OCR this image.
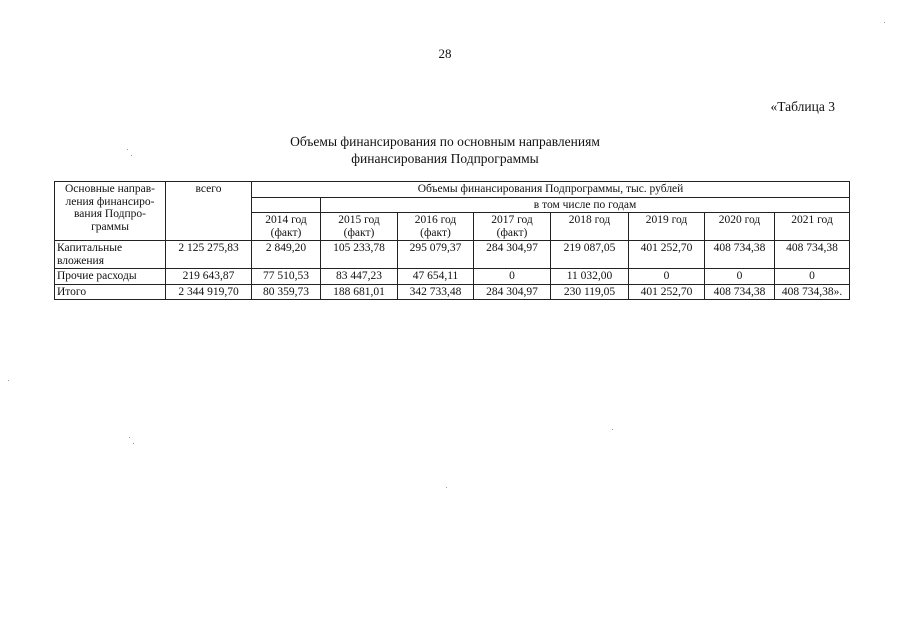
28
«Таблица 3
Объемы финансирования по основным направлениям
финансирования Подпрограммы
Основные направ-ления финансиро-вания Подпро-граммы	всего	Объемы финансирования Подпрограммы, тыс. рублей							
			в том числе по годам						
		2014 год (факт)	2015 год (факт)	2016 год (факт)	2017 год (факт)	2018 год	2019 год	2020 год	2021 год
Капитальные вложения	2 125 275,83	2 849,20	105 233,78	295 079,37	284 304,97	219 087,05	401 252,70	408 734,38	408 734,38
Прочие расходы	219 643,87	77 510,53	83 447,23	47 654,11	0	11 032,00	0	0	0
Итого	2 344 919,70	80 359,73	188 681,01	342 733,48	284 304,97	230 119,05	401 252,70	408 734,38	408 734,38».
